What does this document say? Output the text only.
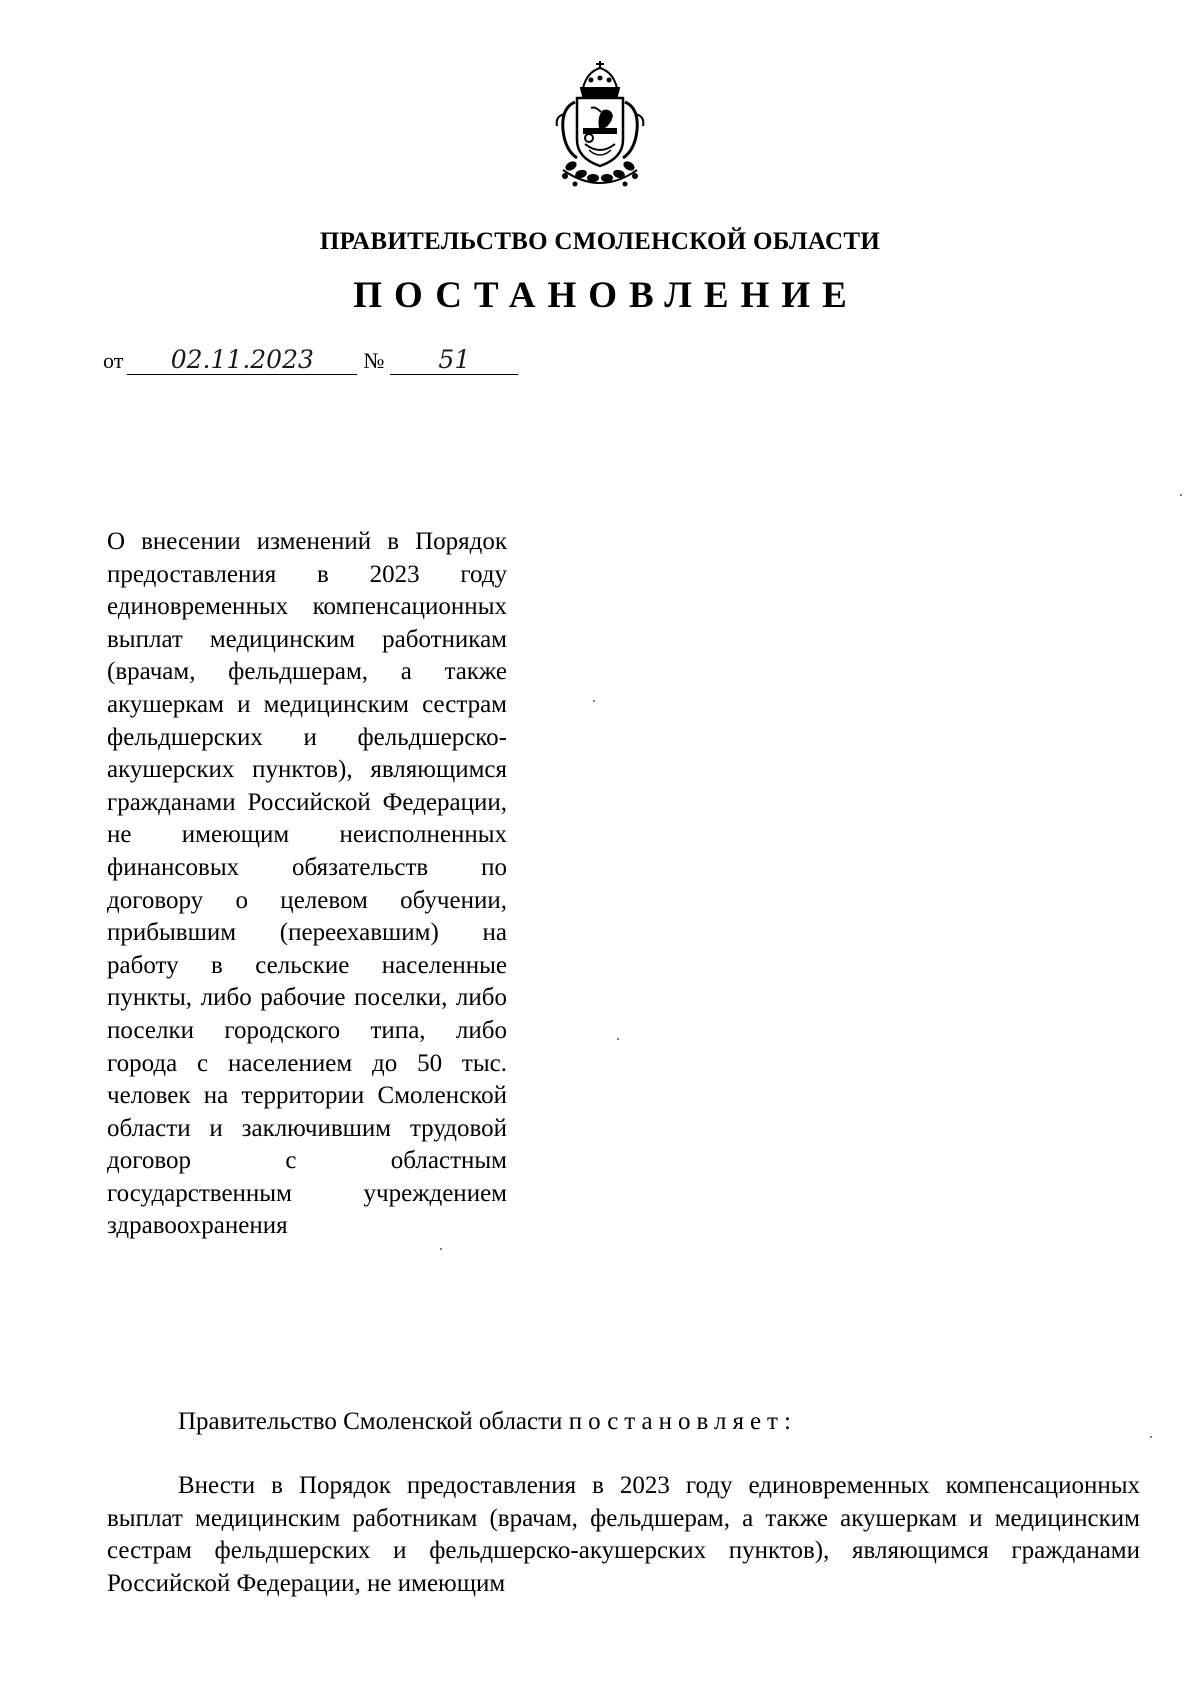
ПРАВИТЕЛЬСТВО СМОЛЕНСКОЙ ОБЛАСТИ
ПОСТАНОВЛЕНИЕ
от 02.11.2023 № 51
О внесении изменений в Порядок предоставления в 2023 году единовременных компенсационных выплат медицинским работникам (врачам, фельдшерам, а также акушеркам и медицинским сестрам фельдшерских и фельдшерско-акушерских пунктов), являющимся гражданами Российской Федерации, не имеющим неисполненных финансовых обязательств по договору о целевом обучении, прибывшим (переехавшим) на работу в сельские населенные пункты, либо рабочие поселки, либо поселки городского типа, либо города с населением до 50 тыс. человек на территории Смоленской области и заключившим трудовой договор с областным государственным учреждением здравоохранения
Правительство Смоленской области постановляет:
Внести в Порядок предоставления в 2023 году единовременных компенсационных выплат медицинским работникам (врачам, фельдшерам, а также акушеркам и медицинским сестрам фельдшерских и фельдшерско-акушерских пунктов), являющимся гражданами Российской Федерации, не имеющим
